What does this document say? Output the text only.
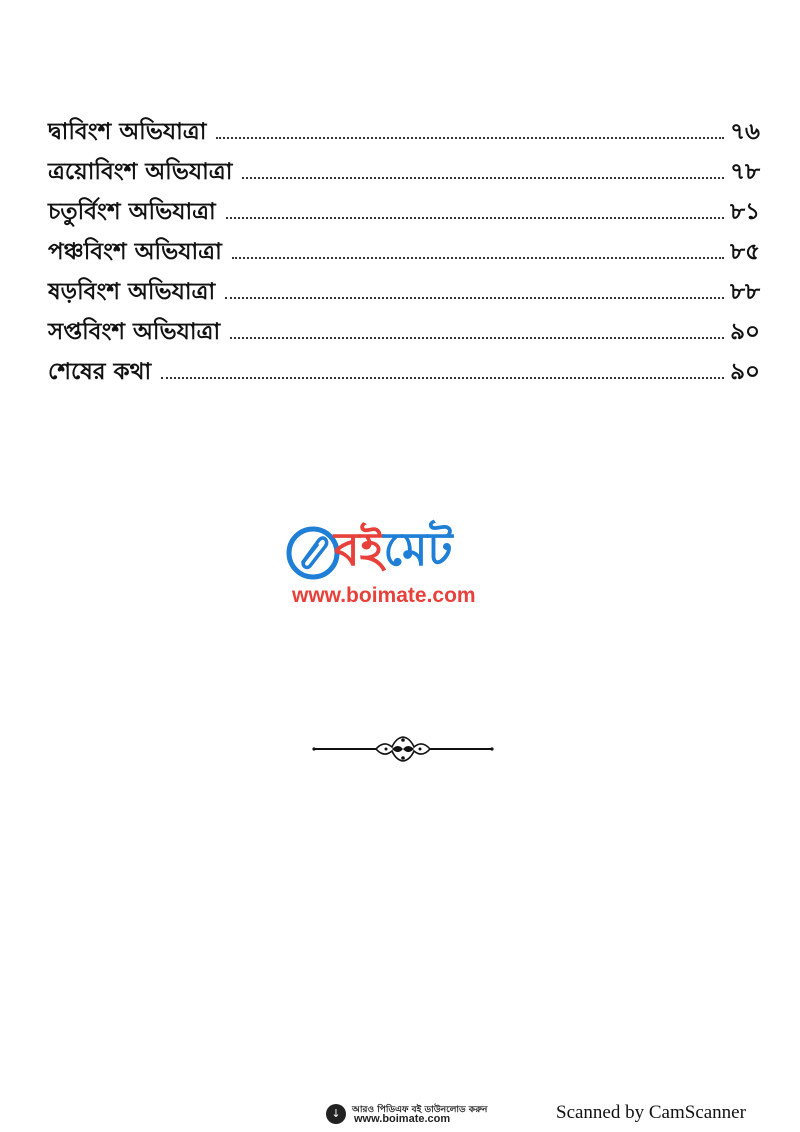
দ্বাবিংশ অভিযাত্রা	৭৬
ত্রয়োবিংশ অভিযাত্রা	৭৮
চতুর্বিংশ অভিযাত্রা	৮১
পঞ্চবিংশ অভিযাত্রা	৮৫
ষড়বিংশ অভিযাত্রা	৮৮
সপ্তবিংশ অভিযাত্রা	৯০
শেষের কথা	৯০
বইমেট
www.boimate.com
↓	আরও পিডিএফ বই ডাউনলোড করুন
www.boimate.com	Scanned by CamScanner
